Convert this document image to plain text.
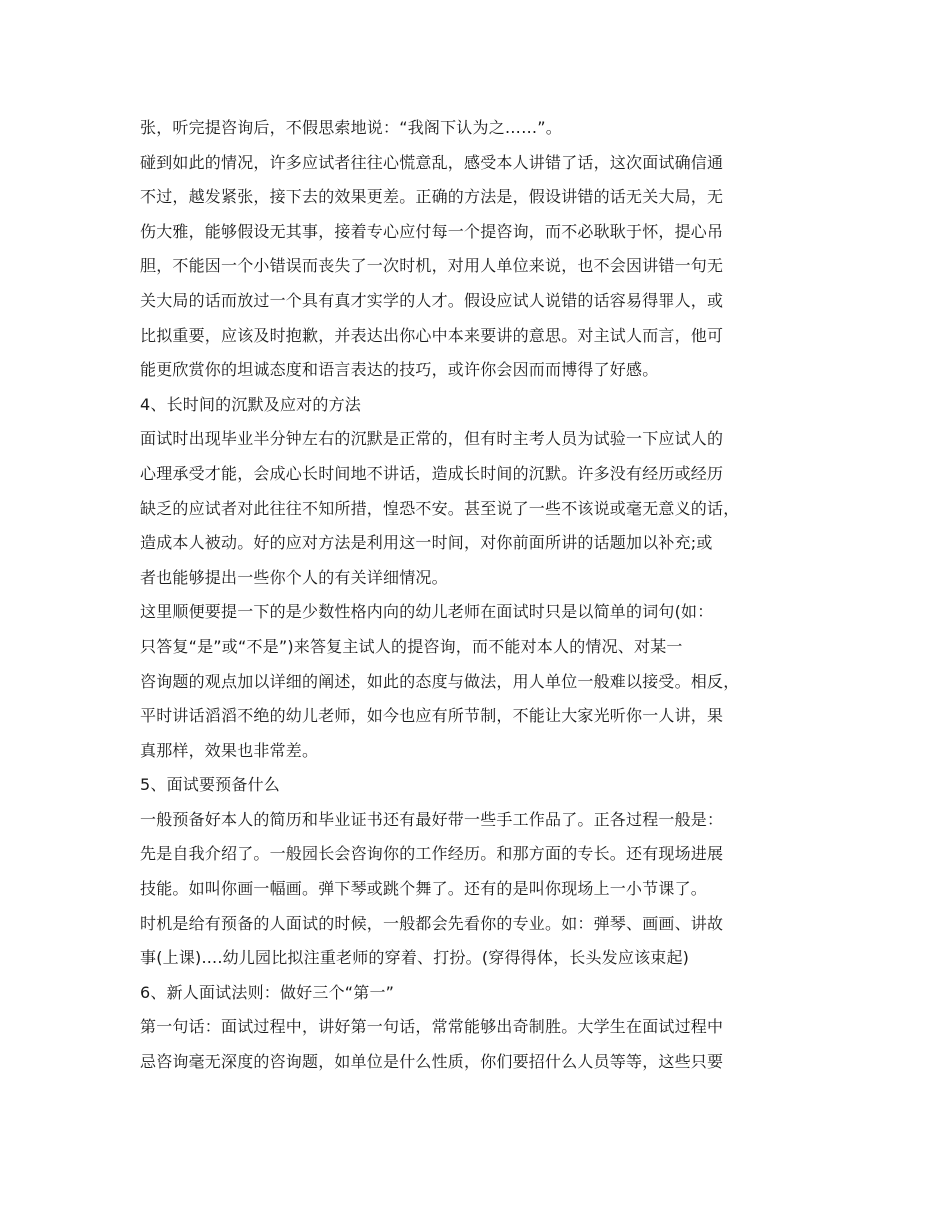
张，听完提咨询后，不假思索地说：“我阁下认为之……”。
碰到如此的情况，许多应试者往往心慌意乱，感受本人讲错了话，这次面试确信通
不过，越发紧张，接下去的效果更差。正确的方法是，假设讲错的话无关大局，无
伤大雅，能够假设无其事，接着专心应付每一个提咨询，而不必耿耿于怀，提心吊
胆，不能因一个小错误而丧失了一次时机，对用人单位来说，也不会因讲错一句无
关大局的话而放过一个具有真才实学的人才。假设应试人说错的话容易得罪人，或
比拟重要，应该及时抱歉，并表达出你心中本来要讲的意思。对主试人而言，他可
能更欣赏你的坦诚态度和语言表达的技巧，或许你会因而而博得了好感。
4、长时间的沉默及应对的方法
面试时出现毕业半分钟左右的沉默是正常的，但有时主考人员为试验一下应试人的
心理承受才能，会成心长时间地不讲话，造成长时间的沉默。许多没有经历或经历
缺乏的应试者对此往往不知所措，惶恐不安。甚至说了一些不该说或毫无意义的话，
造成本人被动。好的应对方法是利用这一时间，对你前面所讲的话题加以补充;或
者也能够提出一些你个人的有关详细情况。
这里顺便要提一下的是少数性格内向的幼儿老师在面试时只是以简单的词句(如：
只答复“是”或“不是”)来答复主试人的提咨询，而不能对本人的情况、对某一
咨询题的观点加以详细的阐述，如此的态度与做法，用人单位一般难以接受。相反，
平时讲话滔滔不绝的幼儿老师，如今也应有所节制，不能让大家光听你一人讲，果
真那样，效果也非常差。
5、面试要预备什么
一般预备好本人的简历和毕业证书还有最好带一些手工作品了。正各过程一般是：
先是自我介绍了。一般园长会咨询你的工作经历。和那方面的专长。还有现场进展
技能。如叫你画一幅画。弹下琴或跳个舞了。还有的是叫你现场上一小节课了。
时机是给有预备的人面试的时候，一般都会先看你的专业。如：弹琴、画画、讲故
事(上课)....幼儿园比拟注重老师的穿着、打扮。(穿得得体，长头发应该束起)
6、新人面试法则：做好三个“第一”
第一句话：面试过程中，讲好第一句话，常常能够出奇制胜。大学生在面试过程中
忌咨询毫无深度的咨询题，如单位是什么性质，你们要招什么人员等等，这些只要
